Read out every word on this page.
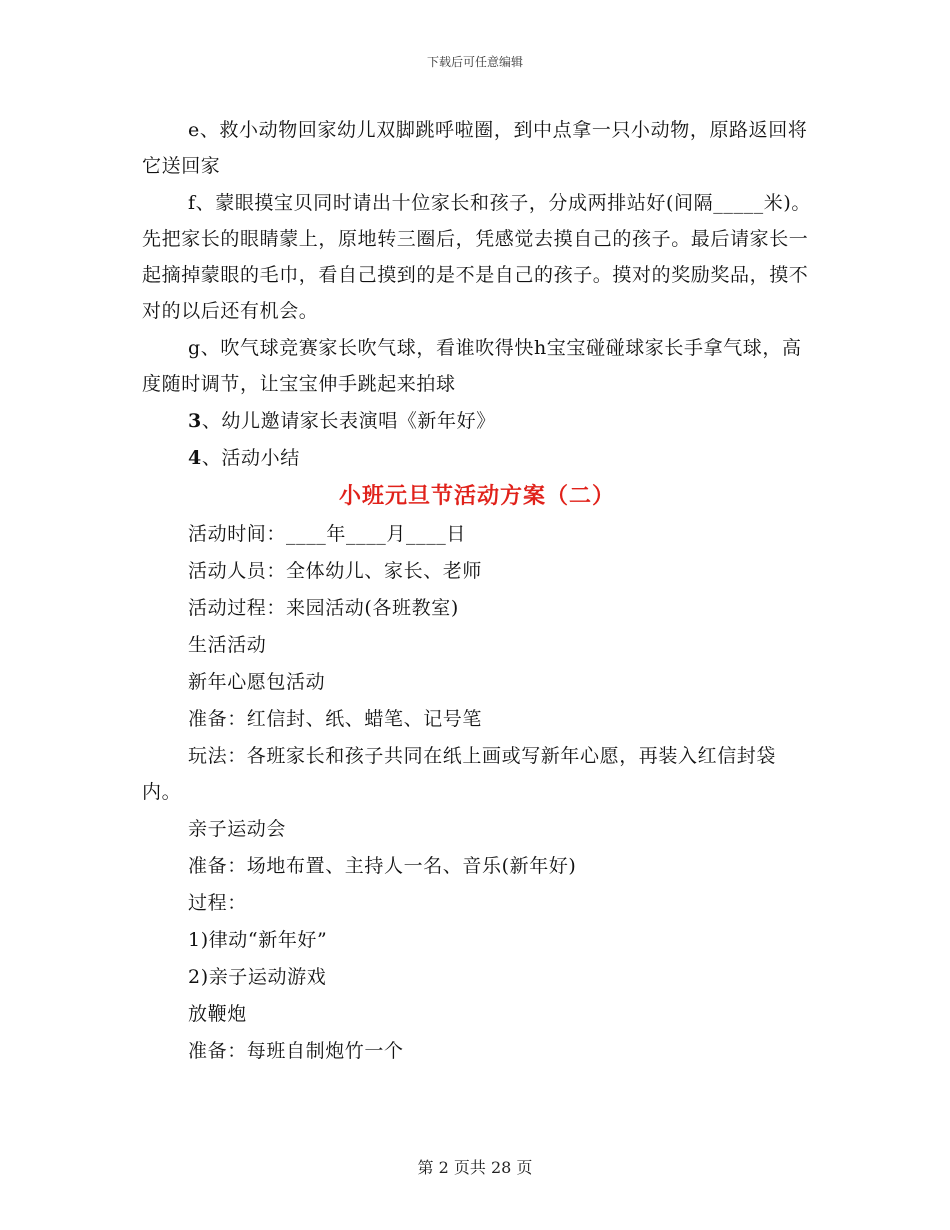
下载后可任意编辑

e、救小动物回家幼儿双脚跳呼啦圈，到中点拿一只小动物，原路返回将它送回家

f、蒙眼摸宝贝同时请出十位家长和孩子，分成两排站好(间隔_____米)。先把家长的眼睛蒙上，原地转三圈后，凭感觉去摸自己的孩子。最后请家长一起摘掉蒙眼的毛巾，看自己摸到的是不是自己的孩子。摸对的奖励奖品，摸不对的以后还有机会。

g、吹气球竞赛家长吹气球，看谁吹得快h宝宝碰碰球家长手拿气球，高度随时调节，让宝宝伸手跳起来拍球

3、幼儿邀请家长表演唱《新年好》

4、活动小结

小班元旦节活动方案（二）

活动时间：____年____月____日

活动人员：全体幼儿、家长、老师

活动过程：来园活动(各班教室)

生活活动

新年心愿包活动

准备：红信封、纸、蜡笔、记号笔

玩法：各班家长和孩子共同在纸上画或写新年心愿，再装入红信封袋内。

亲子运动会

准备：场地布置、主持人一名、音乐(新年好)

过程：

1)律动“新年好”

2)亲子运动游戏

放鞭炮

准备：每班自制炮竹一个

第 2 页共 28 页
